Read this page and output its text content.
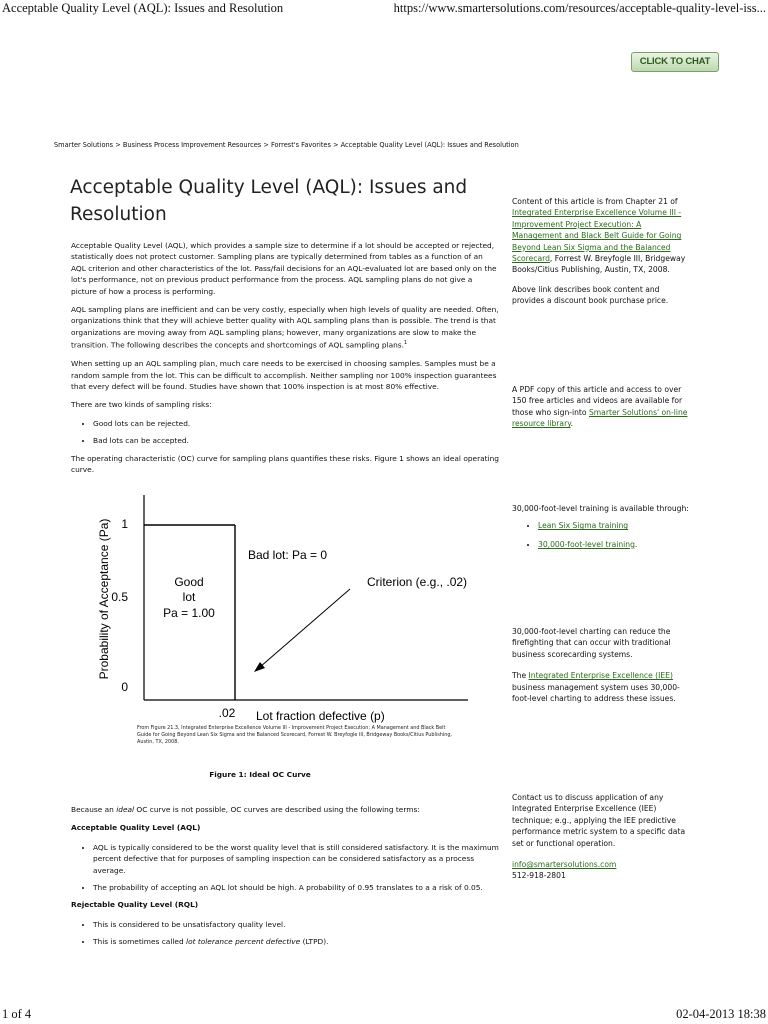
Acceptable Quality Level (AQL): Issues and Resolution	https://www.smartersolutions.com/resources/acceptable-quality-level-iss...
CLICK TO CHAT
Smarter Solutions > Business Process Improvement Resources > Forrest's Favorites > Acceptable Quality Level (AQL): Issues and Resolution
Acceptable Quality Level (AQL): Issues and Resolution

Acceptable Quality Level (AQL), which provides a sample size to determine if a lot should be accepted or rejected, statistically does not protect customer. Sampling plans are typically determined from tables as a function of an AQL criterion and other characteristics of the lot. Pass/fail decisions for an AQL-evaluated lot are based only on the lot's performance, not on previous product performance from the process. AQL sampling plans do not give a picture of how a process is performing.

AQL sampling plans are inefficient and can be very costly, especially when high levels of quality are needed. Often, organizations think that they will achieve better quality with AQL sampling plans than is possible. The trend is that organizations are moving away from AQL sampling plans; however, many organizations are slow to make the transition. The following describes the concepts and shortcomings of AQL sampling plans.$^1$

When setting up an AQL sampling plan, much care needs to be exercised in choosing samples. Samples must be a random sample from the lot. This can be difficult to accomplish. Neither sampling nor 100% inspection guarantees that every defect will be found. Studies have shown that 100% inspection is at most 80% effective.

There are two kinds of sampling risks:

• Good lots can be rejected.
• Bad lots can be accepted.

The operating characteristic (OC) curve for sampling plans quantifies these risks. Figure 1 shows an ideal operating curve.

1
0.5
0
.02
Probability of Acceptance (Pa)
Lot fraction defective (p)
Good
lot
Pa = 1.00
Bad lot: Pa = 0
Criterion (e.g., .02)
From Figure 21.3, Integrated Enterprise Excellence Volume III - Improvement Project Execution: A Management and Black Belt Guide for Going Beyond Lean Six Sigma and the Balanced Scorecard, Forrest W. Breyfogle III, Bridgeway Books/Citius Publishing, Austin, TX, 2008.
Figure 1: Ideal OC Curve

Because an ideal OC curve is not possible, OC curves are described using the following terms:

Acceptable Quality Level (AQL)
• AQL is typically considered to be the worst quality level that is still considered satisfactory. It is the maximum percent defective that for purposes of sampling inspection can be considered satisfactory as a process average.
• The probability of accepting an AQL lot should be high. A probability of 0.95 translates to a a risk of 0.05.
Rejectable Quality Level (RQL)
• This is considered to be unsatisfactory quality level.
• This is sometimes called lot tolerance percent defective (LTPD).

Content of this article is from Chapter 21 of Integrated Enterprise Excellence Volume III - Improvement Project Execution: A Management and Black Belt Guide for Going Beyond Lean Six Sigma and the Balanced Scorecard, Forrest W. Breyfogle III, Bridgeway Books/Citius Publishing, Austin, TX, 2008.

Above link describes book content and provides a discount book purchase price.

A PDF copy of this article and access to over 150 free articles and videos are available for those who sign-into Smarter Solutions' on-line resource library.

30,000-foot-level training is available through:

• Lean Six Sigma training
• 30,000-foot-level training.

30,000-foot-level charting can reduce the firefighting that can occur with traditional business scorecarding systems.

The Integrated Enterprise Excellence (IEE) business management system uses 30,000-foot-level charting to address these issues.

Contact us to discuss application of any Integrated Enterprise Excellence (IEE) technique; e.g., applying the IEE predictive performance metric system to a specific data set or functional operation.

info@smartersolutions.com
512-918-2801
1 of 4	02-04-2013 18:38
